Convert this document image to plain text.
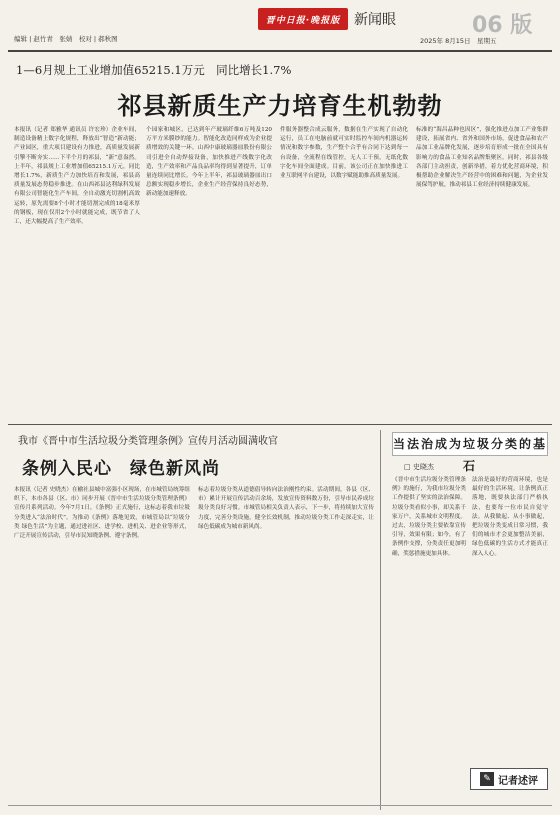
编辑 | 赵竹青　张婧　校对 | 郝秋图
晋中日报·晚报版 新闻眼	06 版
2025年 8月15日　星期五
1—6月规上工业增加值65215.1万元　同比增长1.7%
祁县新质生产力培育生机勃勃
本报讯（记者 郑雅华 通讯员 许宏珍）企业车间，制造设备精上数字化规程，释放出“智造”新动能；产业园区，重大项目建设有力推进，高质量发展新引擎不断夯实……下半个月的祁县，“新”意盎然。上半年，祁县规上工业增加值65215.1万元，同比增长1.7%，新质生产力加快培育和发展，祁县高质量发展态势稳步推进。在山西祁县达利绿科发展有限公司智能化生产车间，全自动激光切割机高效运转，原先需要8个小时才能切割完成的18毫米厚的钢板，现在仅用2个小时就能完成，既节省了人工，还大幅提高了生产效率。
个园家和城区，已达到年产玻璃纤维6万吨及120万平方米膜纱的能力。智能化改造同样成为企业提质增效的关键一环。山西中康玻璃器皿股份有限公司引进全自动焊接设备，加快推进产线数字化改造，生产效率和产品良品率均得到显著提升，订单量连续同比增长。今年上半年，祁县玻璃器皿出口总额实现稳步增长，企业生产经营保持良好态势，新动能加速释放。
件服务器整合成云服务，数据在生产实现了自动化运行，员工在电脑前就可实时监控车间内机器运转情况和数字参数，生产整个合乎有合同下达到每一台设备，全流程在线管控，无人工干预，无纸化数字化车间全面建成。目前，该公司正在加快推进工业互联网平台建设，以数字赋能助推高质量发展。
标准的“海昌品种也因区”，强化推进点加工产业集群建设，拓展省内、省外和国外市场，促进食品和农产品加工业品牌化发展，逐步培育形成一批在全国具有影响力的食品工业知名品牌集聚区。同时，祁县各级各部门主动担责，创新举措，着力优化营商环境，积极帮助企业解决生产经营中的困难和问题，为企业发展保驾护航，推动祁县工业经济持续健康发展。
我市《晋中市生活垃圾分类管理条例》宣传月活动圆满收官
条例入民心　绿色新风尚
本报讯（记者 史晓杰）在榆社县城中富强小区现场，在市城管局统筹组织下，本市各县（区、市）同步开展《晋中市生活垃圾分类管理条例》宣传月系列活动。今年7月1日，《条例》正式施行，这标志着我市垃圾分类进入“法治时代”。为推动《条例》落地见效，市城管局以“垃圾分类 绿色生活”为主题，通过进社区、进学校、进机关、进企业等形式，广泛开展宣传活动，引导市民知晓条例、遵守条例。
标志着垃圾分类从道德倡导转向法治刚性约束。活动期间，各县（区、市）累计开展宣传活动百余场，发放宣传资料数万份，引导市民养成垃圾分类良好习惯。市城管局相关负责人表示，下一步，将持续加大宣传力度，完善分类设施，健全长效机制，推动垃圾分类工作走深走实，让绿色低碳成为城市新风尚。
当法治成为垃圾分类的基石
□ 史晓杰
《晋中市生活垃圾分类管理条例》的施行，为我市垃圾分类工作提供了坚实的法治保障。垃圾分类看似小事，却关系千家万户，关系城市文明程度。过去，垃圾分类主要依靠宣传引导，效果有限；如今，有了条例作支撑，分类责任更加明确，奖惩措施更加具体。
法治是最好的营商环境，也是最好的生活环境。让条例真正落地，既要执法部门严格执法，也要每一位市民自觉守法。从我做起、从小事做起，把垃圾分类变成日常习惯，我们的城市才会更加整洁美丽，绿色低碳的生活方式才能真正深入人心。
✎ 记者述评
